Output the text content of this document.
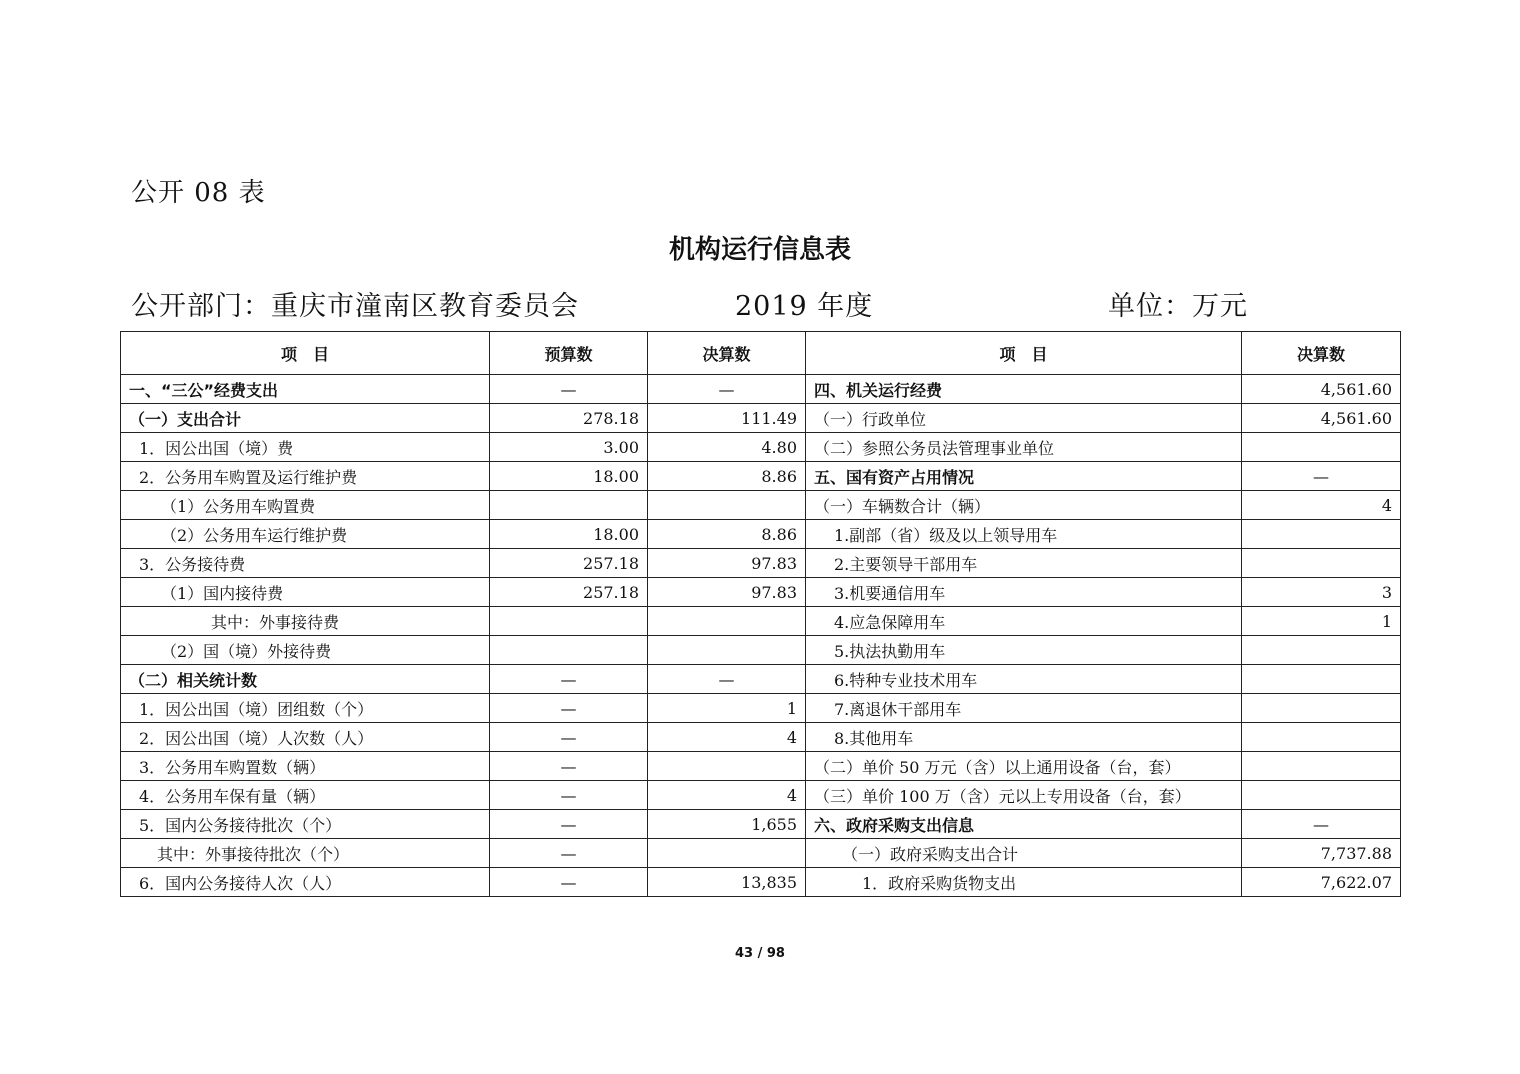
公开 08 表
机构运行信息表
公开部门：重庆市潼南区教育委员会	2019 年度	单位：万元
项　目	预算数	决算数	项　目	决算数
一、“三公”经费支出	—	—	四、机关运行经费	4,561.60
（一）支出合计	278.18	111.49	（一）行政单位	4,561.60
1．因公出国（境）费	3.00	4.80	（二）参照公务员法管理事业单位	
2．公务用车购置及运行维护费	18.00	8.86	五、国有资产占用情况	—
（1）公务用车购置费			（一）车辆数合计（辆）	4
（2）公务用车运行维护费	18.00	8.86	1.副部（省）级及以上领导用车	
3．公务接待费	257.18	97.83	2.主要领导干部用车	
（1）国内接待费	257.18	97.83	3.机要通信用车	3
其中：外事接待费			4.应急保障用车	1
（2）国（境）外接待费			5.执法执勤用车	
（二）相关统计数	—	—	6.特种专业技术用车	
1．因公出国（境）团组数（个）	—	1	7.离退休干部用车	
2．因公出国（境）人次数（人）	—	4	8.其他用车	
3．公务用车购置数（辆）	—		（二）单价 50 万元（含）以上通用设备（台，套）	
4．公务用车保有量（辆）	—	4	（三）单价 100 万（含）元以上专用设备（台，套）	
5．国内公务接待批次（个）	—	1,655	六、政府采购支出信息	—
其中：外事接待批次（个）	—		（一）政府采购支出合计	7,737.88
6．国内公务接待人次（人）	—	13,835	1．政府采购货物支出	7,622.07
43 / 98
